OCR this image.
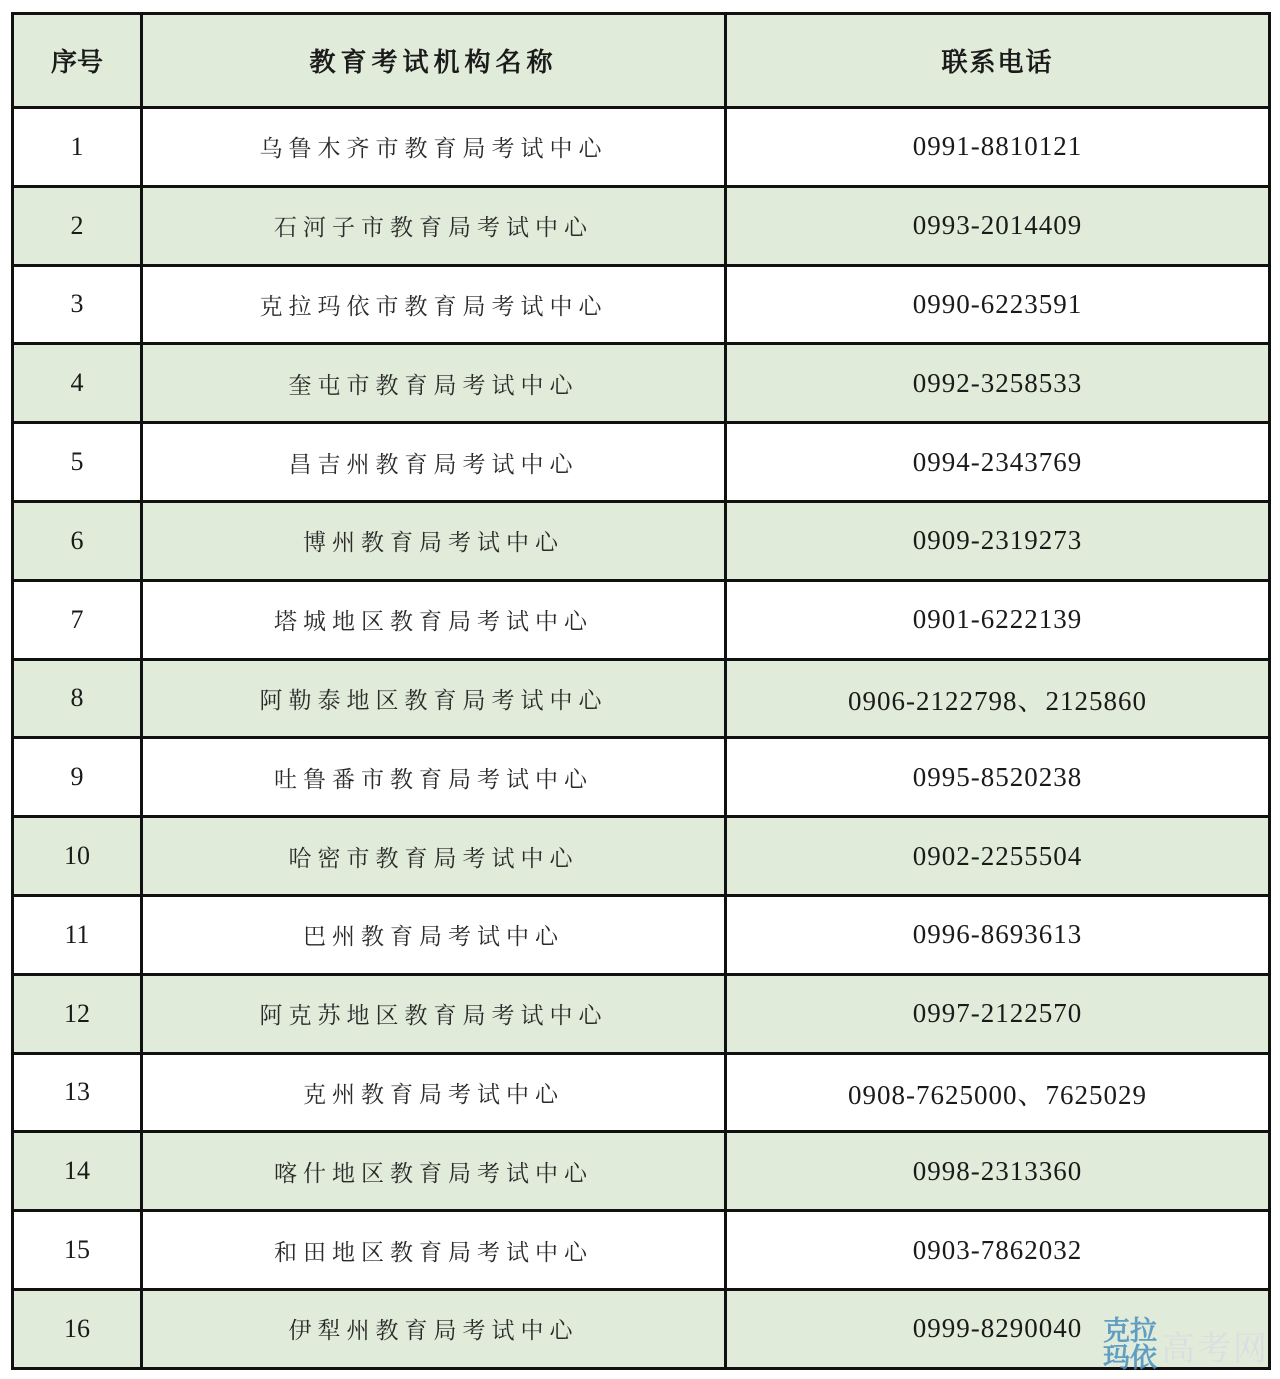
序号	教育考试机构名称	联系电话
1	乌鲁木齐市教育局考试中心	0991-8810121
2	石河子市教育局考试中心	0993-2014409
3	克拉玛依市教育局考试中心	0990-6223591
4	奎屯市教育局考试中心	0992-3258533
5	昌吉州教育局考试中心	0994-2343769
6	博州教育局考试中心	0909-2319273
7	塔城地区教育局考试中心	0901-6222139
8	阿勒泰地区教育局考试中心	0906-2122798、2125860
9	吐鲁番市教育局考试中心	0995-8520238
10	哈密市教育局考试中心	0902-2255504
11	巴州教育局考试中心	0996-8693613
12	阿克苏地区教育局考试中心	0997-2122570
13	克州教育局考试中心	0908-7625000、7625029
14	喀什地区教育局考试中心	0998-2313360
15	和田地区教育局考试中心	0903-7862032
16	伊犁州教育局考试中心	0999-8290040 克拉
玛依 高考网
